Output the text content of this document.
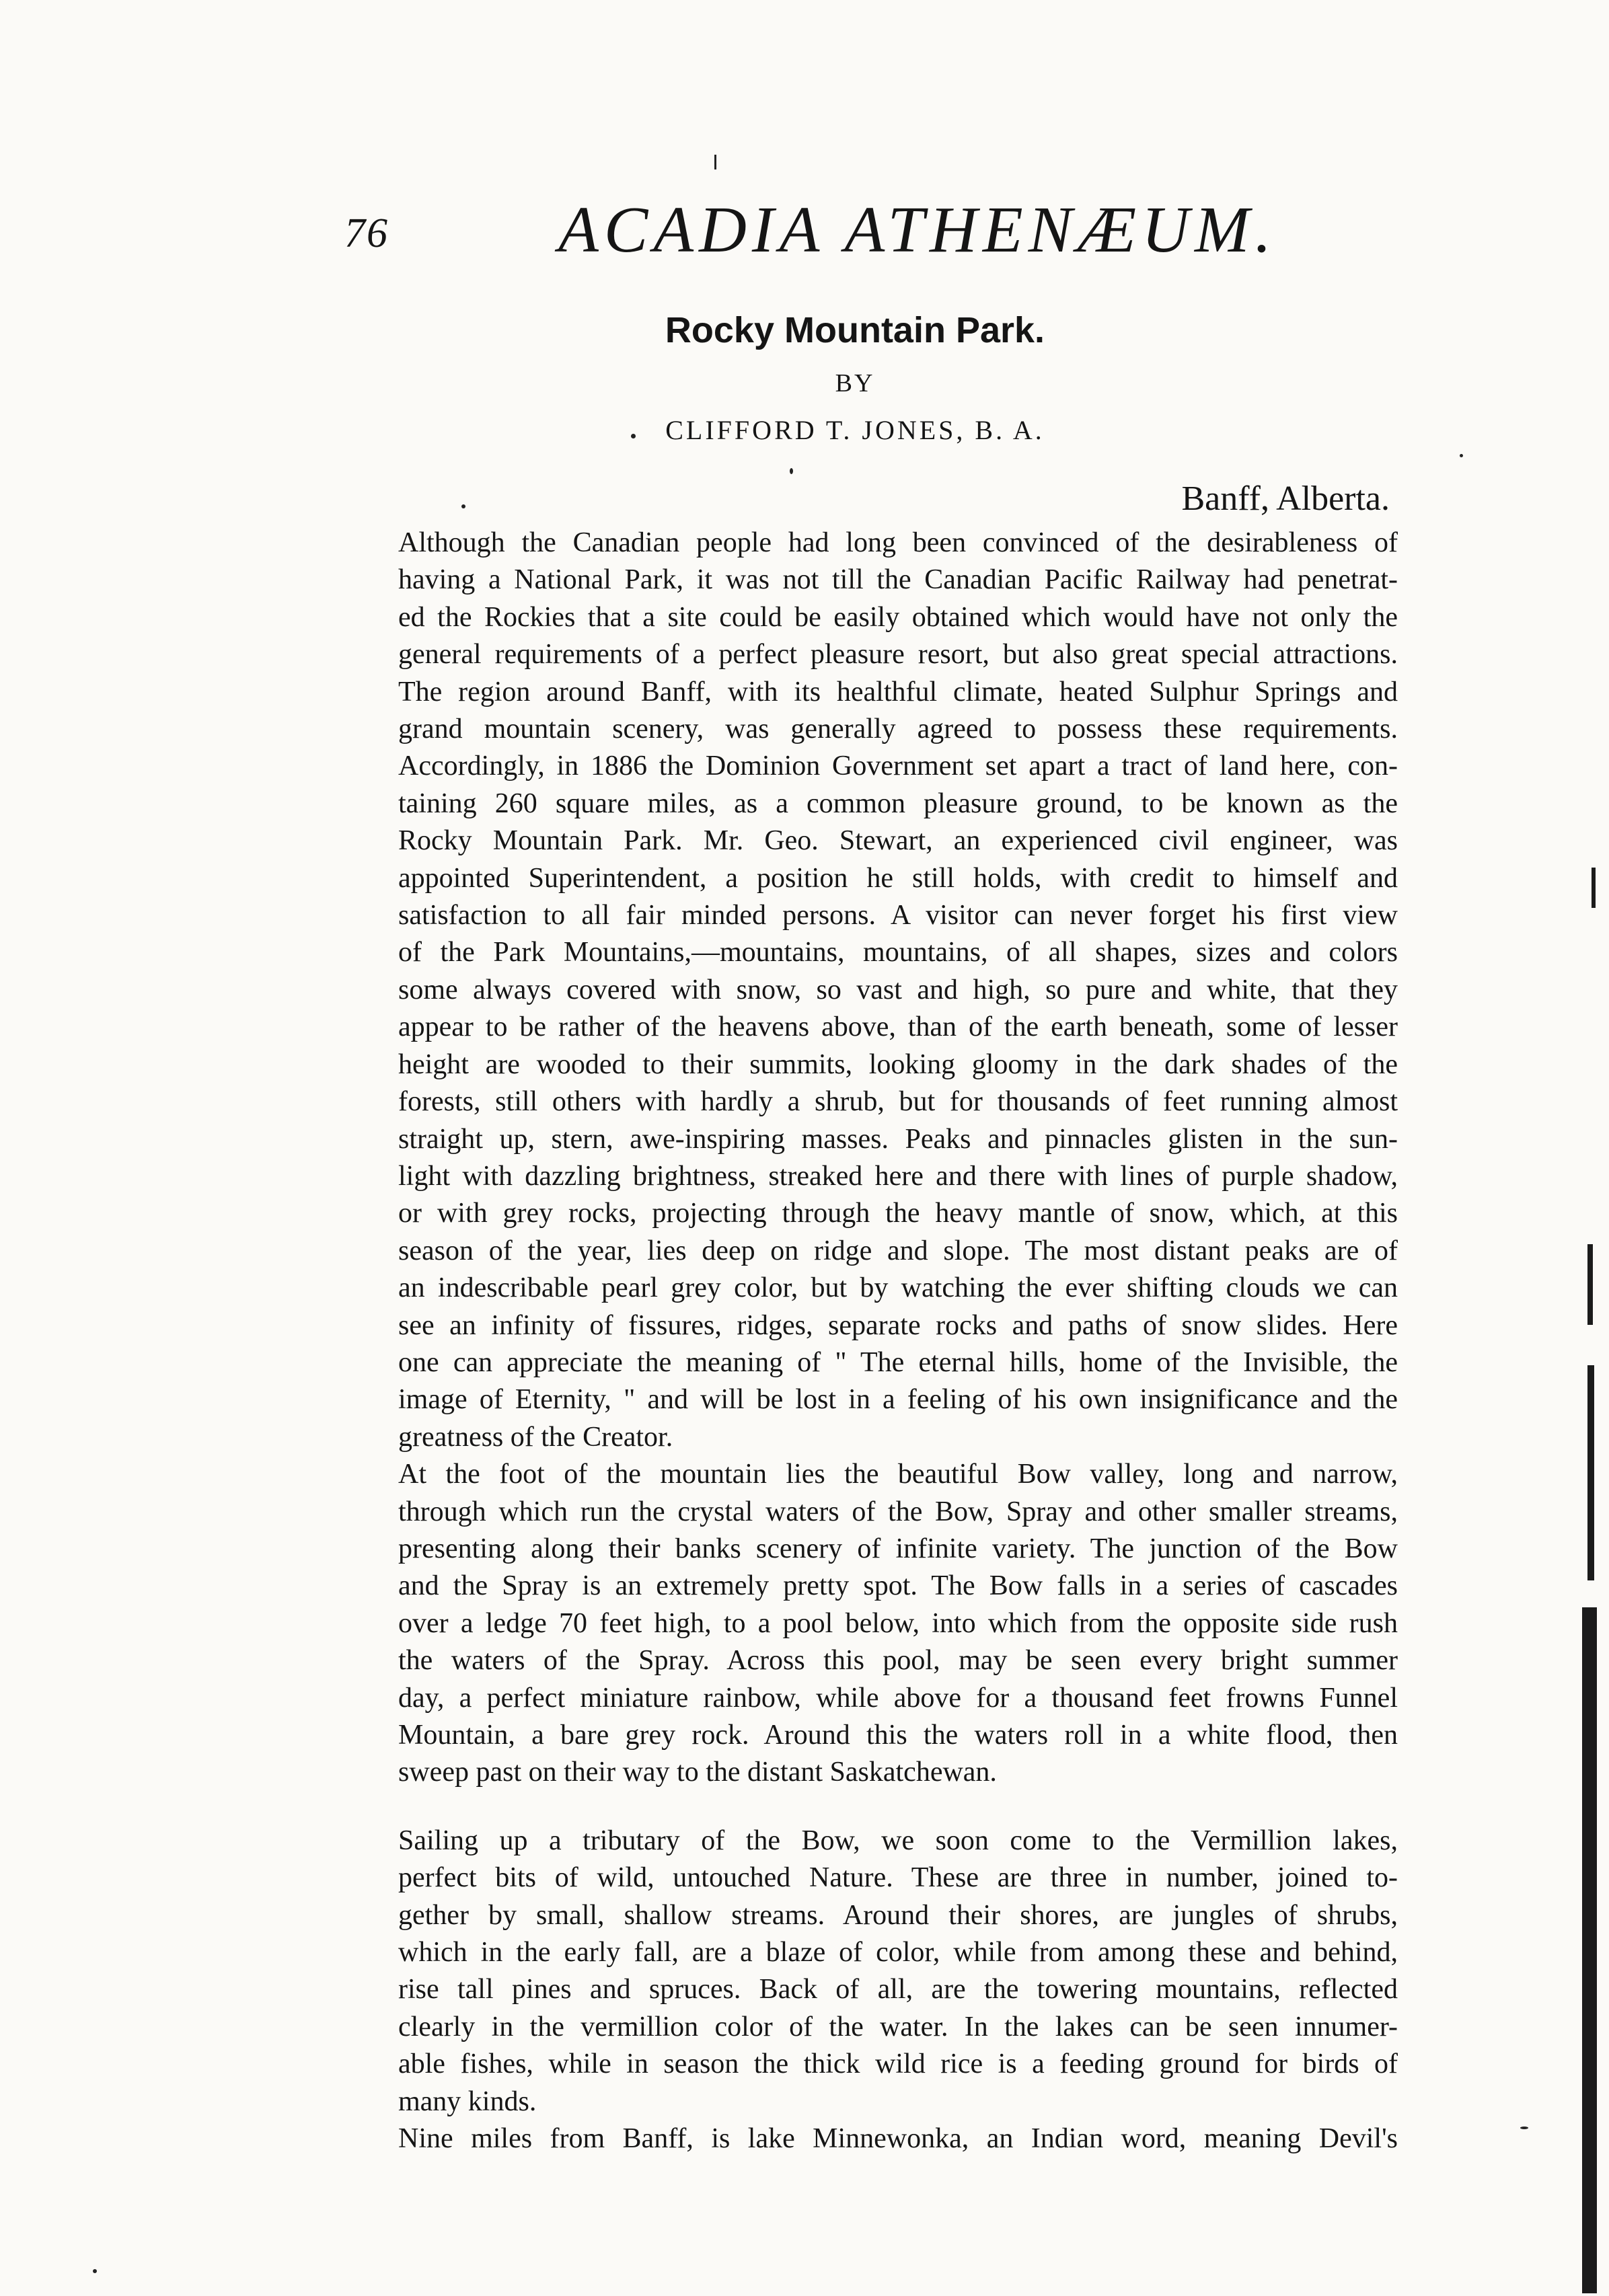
76	ACADIA ATHENÆUM.
Rocky Mountain Park.
BY
CLIFFORD T. JONES, B. A.
Banff, Alberta.
Although the Canadian people had long been convinced of the desirableness of
having a National Park, it was not till the Canadian Pacific Railway had penetrat-
ed the Rockies that a site could be easily obtained which would have not only the
general requirements of a perfect pleasure resort, but also great special attractions.
The region around Banff, with its healthful climate, heated Sulphur Springs and
grand mountain scenery, was generally agreed to possess these requirements.
Accordingly, in 1886 the Dominion Government set apart a tract of land here, con-
taining 260 square miles, as a common pleasure ground, to be known as the
Rocky Mountain Park. Mr. Geo. Stewart, an experienced civil engineer, was
appointed Superintendent, a position he still holds, with credit to himself and
satisfaction to all fair minded persons. A visitor can never forget his first view
of the Park Mountains,—mountains, mountains, of all shapes, sizes and colors
some always covered with snow, so vast and high, so pure and white, that they
appear to be rather of the heavens above, than of the earth beneath, some of lesser
height are wooded to their summits, looking gloomy in the dark shades of the
forests, still others with hardly a shrub, but for thousands of feet running almost
straight up, stern, awe-inspiring masses. Peaks and pinnacles glisten in the sun-
light with dazzling brightness, streaked here and there with lines of purple shadow,
or with grey rocks, projecting through the heavy mantle of snow, which, at this
season of the year, lies deep on ridge and slope. The most distant peaks are of
an indescribable pearl grey color, but by watching the ever shifting clouds we can
see an infinity of fissures, ridges, separate rocks and paths of snow slides. Here
one can appreciate the meaning of " The eternal hills, home of the Invisible, the
image of Eternity, " and will be lost in a feeling of his own insignificance and the
greatness of the Creator.
At the foot of the mountain lies the beautiful Bow valley, long and narrow,
through which run the crystal waters of the Bow, Spray and other smaller streams,
presenting along their banks scenery of infinite variety. The junction of the Bow
and the Spray is an extremely pretty spot. The Bow falls in a series of cascades
over a ledge 70 feet high, to a pool below, into which from the opposite side rush
the waters of the Spray. Across this pool, may be seen every bright summer
day, a perfect miniature rainbow, while above for a thousand feet frowns Funnel
Mountain, a bare grey rock. Around this the waters roll in a white flood, then
sweep past on their way to the distant Saskatchewan.
Sailing up a tributary of the Bow, we soon come to the Vermillion lakes,
perfect bits of wild, untouched Nature. These are three in number, joined to-
gether by small, shallow streams. Around their shores, are jungles of shrubs,
which in the early fall, are a blaze of color, while from among these and behind,
rise tall pines and spruces. Back of all, are the towering mountains, reflected
clearly in the vermillion color of the water. In the lakes can be seen innumer-
able fishes, while in season the thick wild rice is a feeding ground for birds of
many kinds.
Nine miles from Banff, is lake Minnewonka, an Indian word, meaning Devil's
